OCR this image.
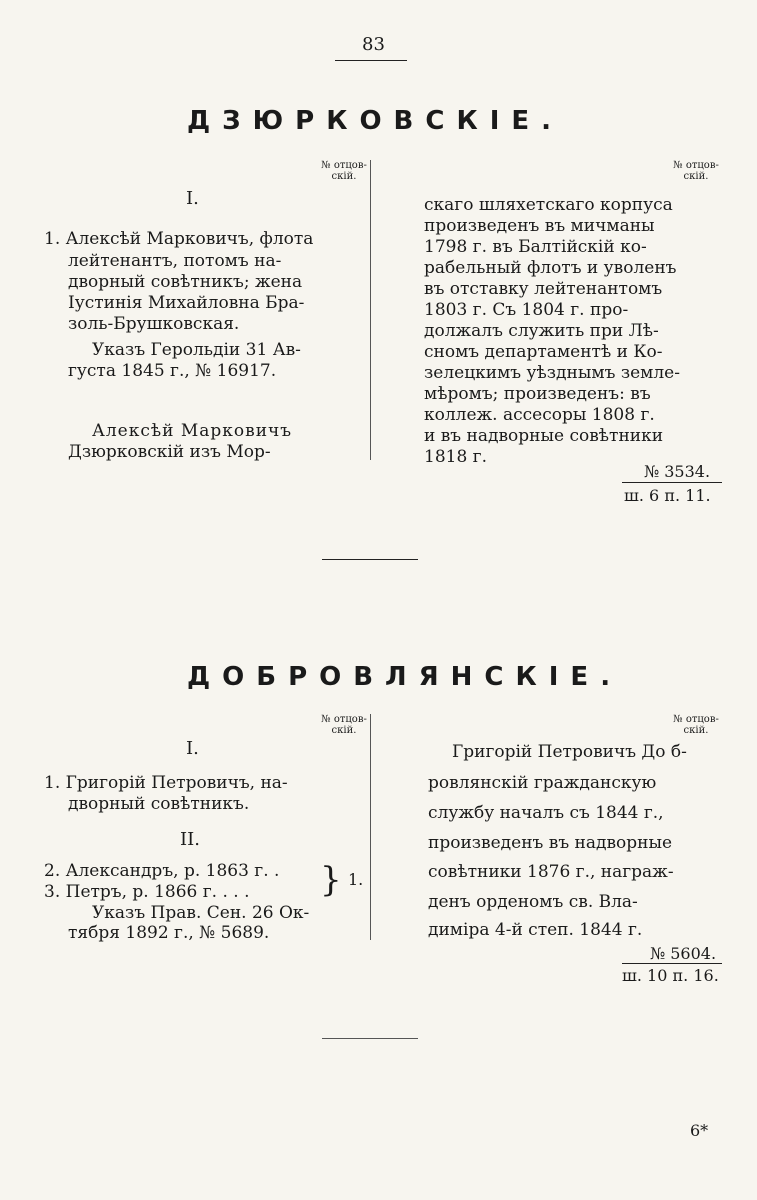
83
ДЗЮРКОВСКІЕ.
№ отцов-
скій.
№ отцов-
скій.
I.
1. Алексѣй Марковичъ, флота
лейтенантъ, потомъ на-
дворный совѣтникъ; жена
Іустинія Михайловна Бра-
золь-Брушковская.
Указъ Герольдіи 31 Ав-
густа 1845 г., № 16917.
Алексѣй Марковичъ
Дзюрковскій изъ Мор-
скаго шляхетскаго корпуса
произведенъ въ мичманы
1798 г. въ Балтійскій ко-
рабельный флотъ и уволенъ
въ отставку лейтенантомъ
1803 г. Съ 1804 г. про-
должалъ служить при Лѣ-
сномъ департаментѣ и Ко-
зелецкимъ уѣзднымъ земле-
мѣромъ; произведенъ: въ
коллеж. ассесоры 1808 г.
и въ надворные совѣтники
1818 г.
№ 3534.
ш. 6 п. 11.
ДОБРОВЛЯНСКІЕ.
№ отцов-
скій.
№ отцов-
скій.
I.
II.
1. Григорій Петровичъ, на-
дворный совѣтникъ.
2. Александръ, р. 1863 г. .
3. Петръ, р. 1866 г. . . .
Указъ Прав. Сен. 26 Ок-
тября 1892 г., № 5689.
} 1.
Григорій Петровичъ До б-
ровлянскій гражданскую
службу началъ съ 1844 г.,
произведенъ въ надворные
совѣтники 1876 г., награж-
денъ орденомъ св. Вла-
диміра 4-й степ. 1844 г.
№ 5604.
ш. 10 п. 16.
6*
